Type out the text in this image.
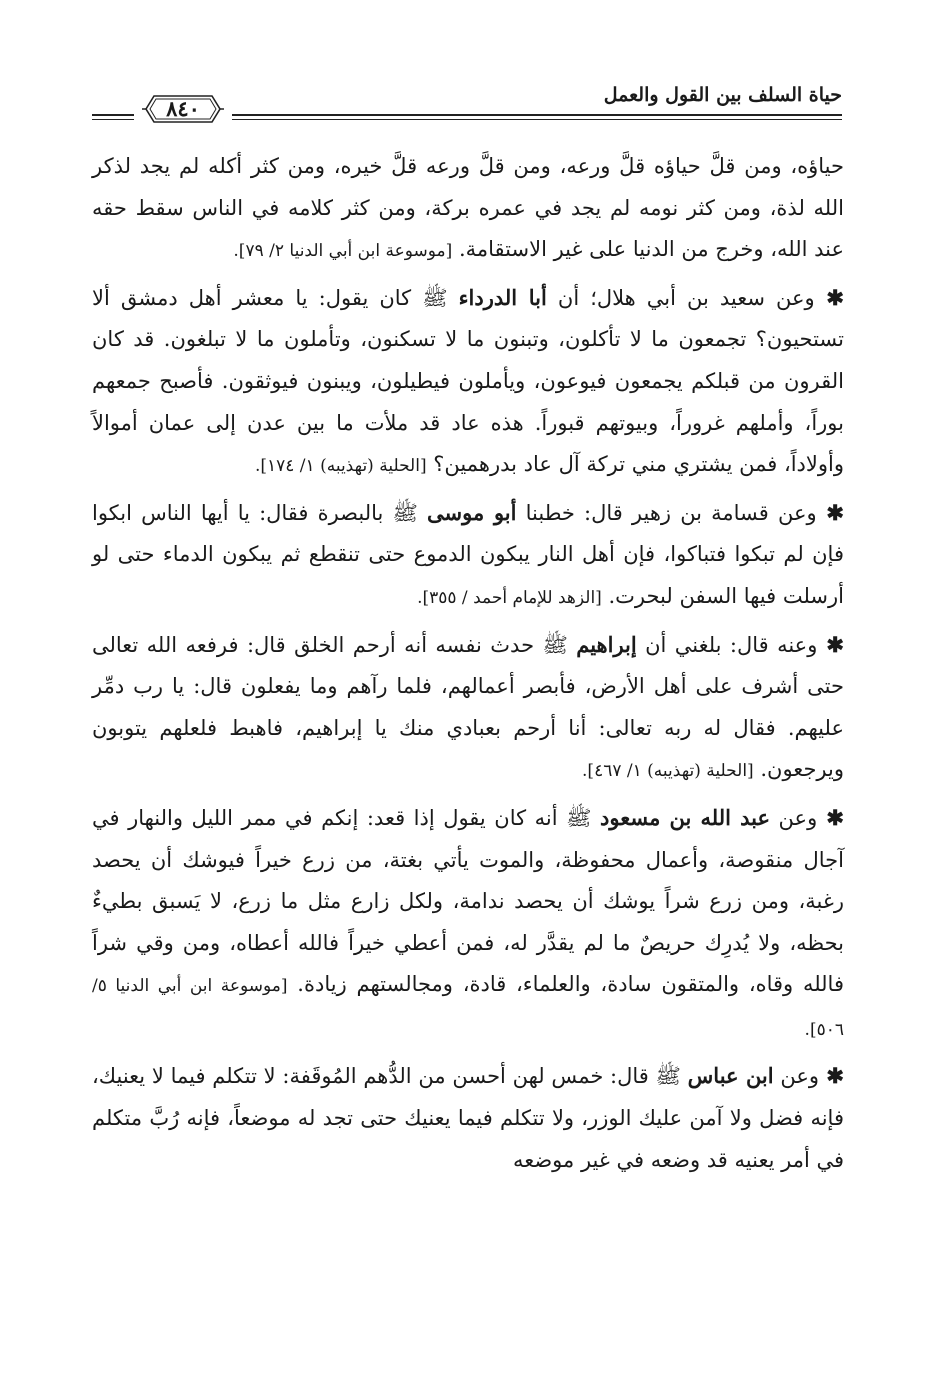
حياة السلف بين القول والعمل
٨٤٠

حياؤه، ومن قلَّ حياؤه قلَّ ورعه، ومن قلَّ ورعه قلَّ خيره، ومن كثر أكله لم يجد لذكر الله لذة، ومن كثر نومه لم يجد في عمره بركة، ومن كثر كلامه في الناس سقط حقه عند الله، وخرج من الدنيا على غير الاستقامة. [موسوعة ابن أبي الدنيا ٢/ ٧٩].

✱ وعن سعيد بن أبي هلال؛ أن أبا الدرداء ﷺ كان يقول: يا معشر أهل دمشق ألا تستحيون؟ تجمعون ما لا تأكلون، وتبنون ما لا تسكنون، وتأملون ما لا تبلغون. قد كان القرون من قبلكم يجمعون فيوعون، ويأملون فيطيلون، ويبنون فيوثقون. فأصبح جمعهم بوراً، وأملهم غروراً، وبيوتهم قبوراً. هذه عاد قد ملأت ما بين عدن إلى عمان أموالاً وأولاداً، فمن يشتري مني تركة آل عاد بدرهمين؟ [الحلية (تهذيبه) ١/ ١٧٤].

✱ وعن قسامة بن زهير قال: خطبنا أبو موسى ﷺ بالبصرة فقال: يا أيها الناس ابكوا فإن لم تبكوا فتباكوا، فإن أهل النار يبكون الدموع حتى تنقطع ثم يبكون الدماء حتى لو أرسلت فيها السفن لبحرت. [الزهد للإمام أحمد / ٣٥٥].

✱ وعنه قال: بلغني أن إبراهيم ﷺ حدث نفسه أنه أرحم الخلق قال: فرفعه الله تعالى حتى أشرف على أهل الأرض، فأبصر أعمالهم، فلما رآهم وما يفعلون قال: يا رب دمِّر عليهم. فقال له ربه تعالى: أنا أرحم بعبادي منك يا إبراهيم، فاهبط فلعلهم يتوبون ويرجعون. [الحلية (تهذيبه) ١/ ٤٦٧].

✱ وعن عبد الله بن مسعود ﷺ أنه كان يقول إذا قعد: إنكم في ممر الليل والنهار في آجال منقوصة، وأعمال محفوظة، والموت يأتي بغتة، من زرع خيراً فيوشك أن يحصد رغبة، ومن زرع شراً يوشك أن يحصد ندامة، ولكل زارع مثل ما زرع، لا يَسبق بطيءٌ بحظه، ولا يُدرِك حريصٌ ما لم يقدَّر له، فمن أعطي خيراً فالله أعطاه، ومن وقي شراً فالله وقاه، والمتقون سادة، والعلماء، قادة، ومجالستهم زيادة. [موسوعة ابن أبي الدنيا ٥/ ٥٠٦].

✱ وعن ابن عباس ﷺ قال: خمس لهن أحسن من الدُّهم المُوقَفة: لا تتكلم فيما لا يعنيك، فإنه فضل ولا آمن عليك الوزر، ولا تتكلم فيما يعنيك حتى تجد له موضعاً، فإنه رُبَّ متكلم في أمر يعنيه قد وضعه في غير موضعه
